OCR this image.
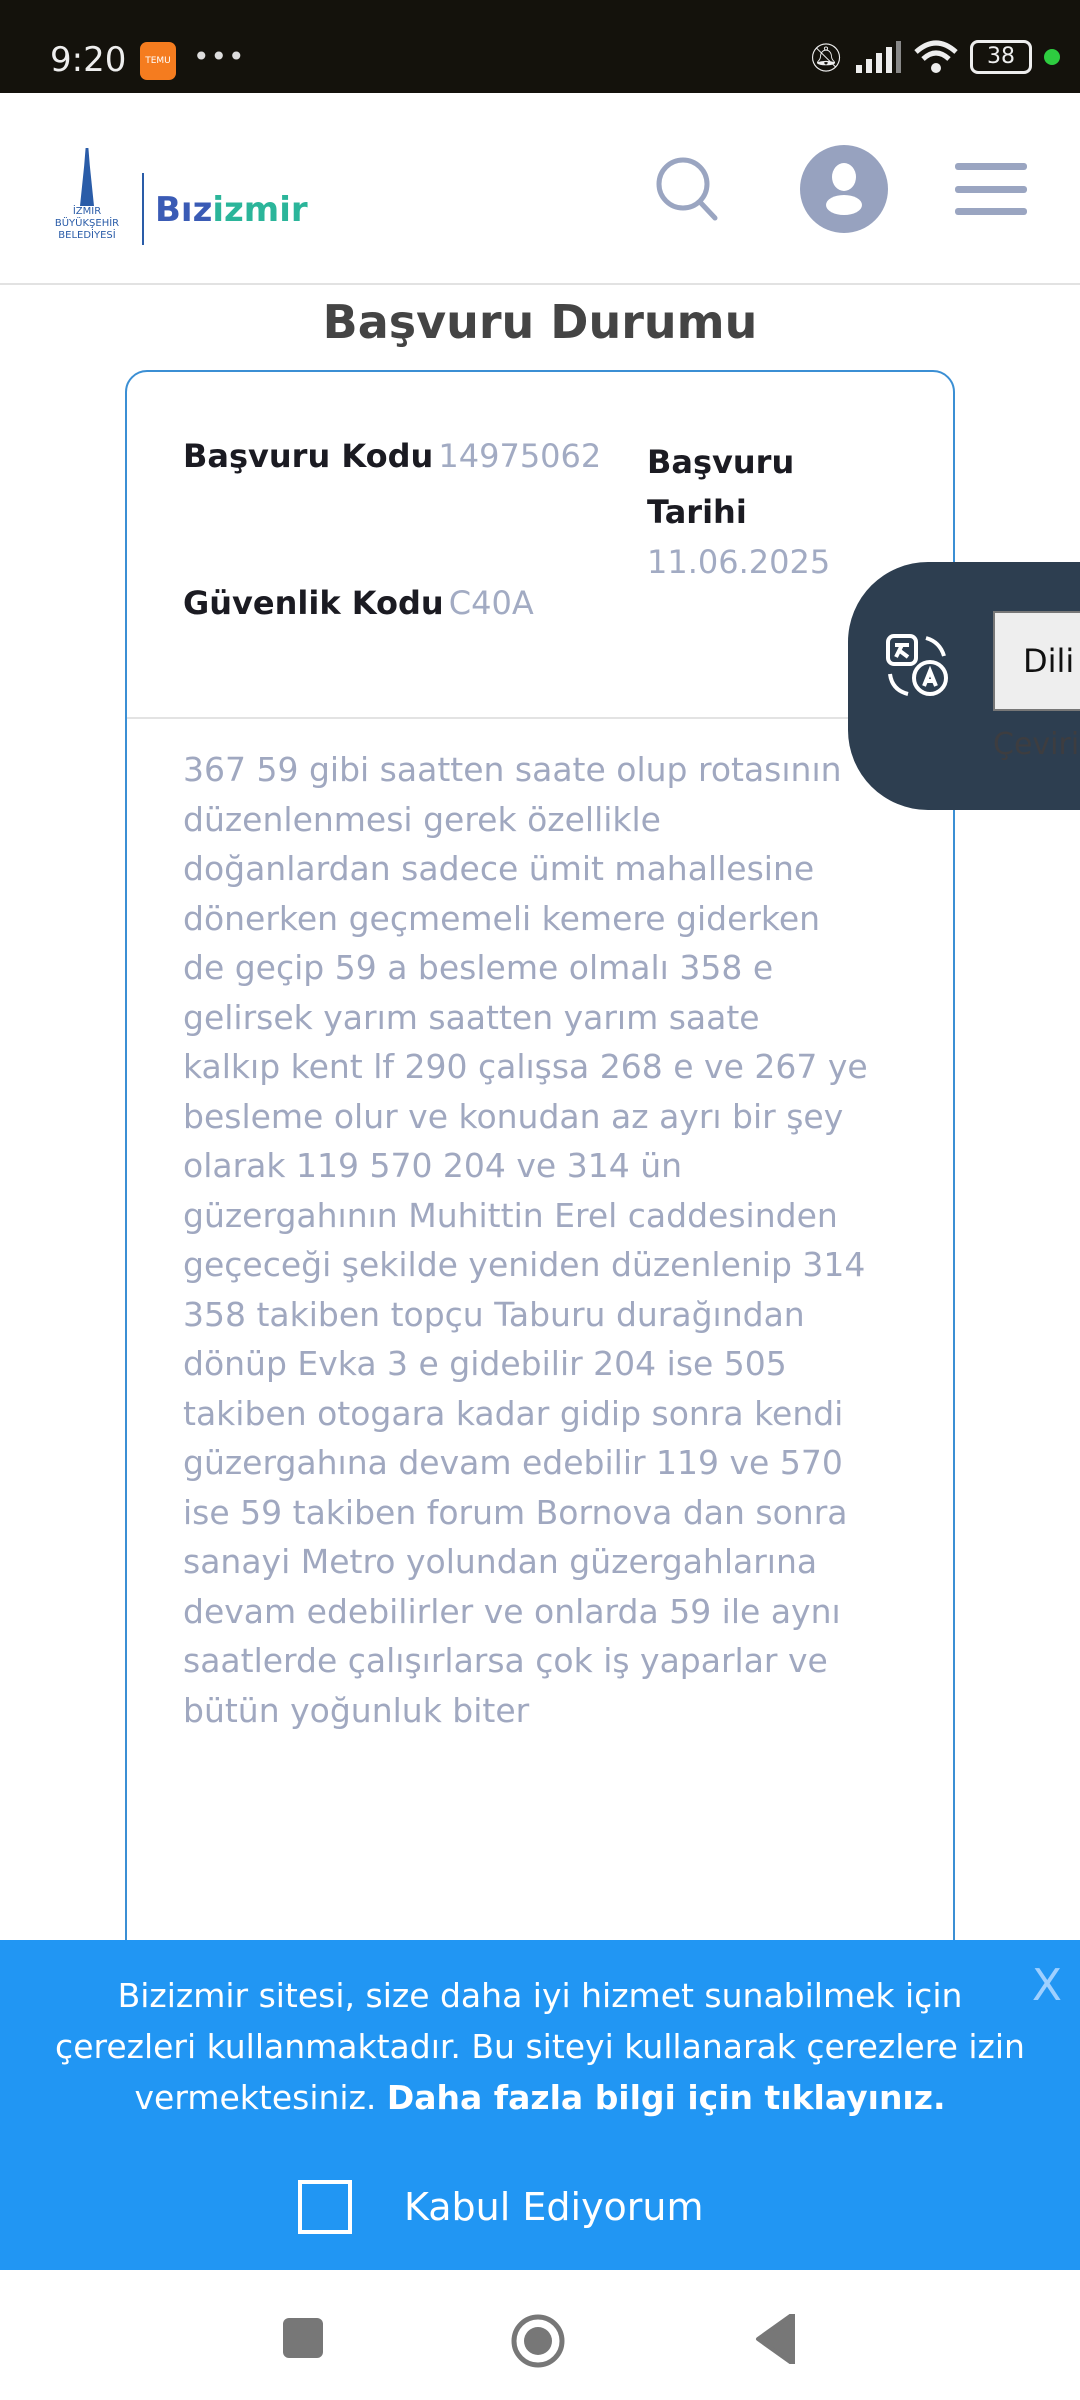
9:20	TEMU •••	🔕︎	38
İZMİR BÜYÜKŞEHİR BELEDİYESİ
Bızizmir
Başvuru Durumu
Başvuru Kodu 14975062 Başvuru Tarihi
11.06.2025
Güvenlik Kodu C40A
367 59 gibi saatten saate olup rotasının
düzenlenmesi gerek özellikle
doğanlardan sadece ümit mahallesine
dönerken geçmemeli kemere giderken
de geçip 59 a besleme olmalı 358 e
gelirsek yarım saatten yarım saate
kalkıp kent lf 290 çalışsa 268 e ve 267 ye
besleme olur ve konudan az ayrı bir şey
olarak 119 570 204 ve 314 ün
güzergahının Muhittin Erel caddesinden
geçeceği şekilde yeniden düzenlenip 314
358 takiben topçu Taburu durağından
dönüp Evka 3 e gidebilir 204 ise 505
takiben otogara kadar gidip sonra kendi
güzergahına devam edebilir 119 ve 570
ise 59 takiben forum Bornova dan sonra
sanayi Metro yolundan güzergahlarına
devam edebilirler ve onlarda 59 ile aynı
saatlerde çalışırlarsa çok iş yaparlar ve
bütün yoğunluk biter
Dili
Çeviri
Bizizmir sitesi, size daha iyi hizmet sunabilmek için çerezleri kullanmaktadır. Bu siteyi kullanarak çerezlere izin vermektesiniz. Daha fazla bilgi için tıklayınız.
X
Kabul Ediyorum
